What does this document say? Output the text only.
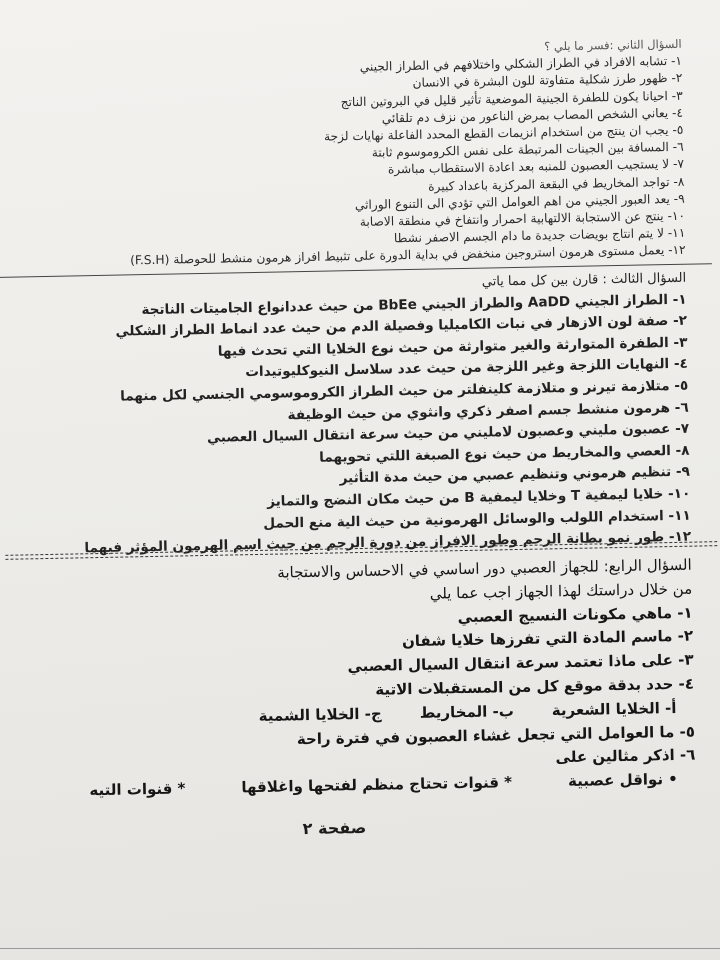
السؤال الثاني :فسر ما يلي ؟

١- تشابه الافراد في الطراز الشكلي واختلافهم في الطراز الجيني

٢- ظهور طرز شكلية متفاوتة للون البشرة في الانسان

٣- احيانا يكون للطفرة الجينية الموضعية تأثير قليل في البروتين الناتج

٤- يعاني الشخص المصاب بمرض الناعور من نزف دم تلقائي

٥- يجب ان ينتج من استخدام انزيمات القطع المحدد الفاعلة نهايات لزجة

٦- المسافة بين الجينات المرتبطة على نفس الكروموسوم ثابتة

٧- لا يستجيب العصبون للمنبه بعد اعادة الاستقطاب مباشرة

٨- تواجد المخاريط في البقعة المركزية باعداد كبيرة

٩- يعد العبور الجيني من اهم العوامل التي تؤدي الى التنوع الوراثي

١٠- ينتج عن الاستجابة الالتهابية احمرار وانتفاخ في منطقة الاصابة

١١- لا يتم انتاج بويضات جديدة ما دام الجسم الاصفر نشطا

١٢- يعمل مستوى هرمون استروجين منخفض في بداية الدورة على تثبيط افراز هرمون منشط للحوصلة (F.S.H)

السؤال الثالث : قارن بين كل مما ياتي

١- الطراز الجيني AaDD والطراز الجيني BbEe من حيث عددانواع الجاميتات الناتجة

٢- صفة لون الازهار في نبات الكاميليا وفصيلة الدم من حيث عدد انماط الطراز الشكلي

٣- الطفرة المتوارثة والغير متوارثة من حيث نوع الخلايا التي تحدث فيها

٤- النهايات اللزجة وغير اللزجة من حيث عدد سلاسل النيوكليوتيدات

٥- متلازمة تيرنر و متلازمة كلينفلتر من حيث الطراز الكروموسومي الجنسي لكل منهما

٦- هرمون منشط جسم اصفر ذكري وانثوي من حيث الوظيفة

٧- عصبون مليني وعصبون لامليني من حيث سرعة انتقال السيال العصبي

٨- العصي والمخاريط من حيث نوع الصبغة اللتي تحويهما

٩- تنظيم هرموني وتنظيم عصبي من حيث مدة التأثير

١٠- خلايا ليمفية T وخلايا ليمفية B من حيث مكان النضج والتمايز

١١- استخدام اللولب والوسائل الهرمونية من حيث الية منع الحمل

١٢- طور نمو بطانة الرحم وطور الافراز من دورة الرحم من حيث اسم الهرمون المؤثر فيهما

السؤال الرابع: للجهاز العصبي دور اساسي في الاحساس والاستجابة

من خلال دراستك لهذا الجهاز اجب عما يلي

١- ماهي مكونات النسيج العصبي

٢- ماسم المادة التي تفرزها خلايا شفان

٣- على ماذا تعتمد سرعة انتقال السيال العصبي

٤- حدد بدقة موقع كل من المستقبلات الاتية

أ- الخلايا الشعرية
ب- المخاريط
ج- الخلايا الشمية

٥- ما العوامل التي تجعل غشاء العصبون في فترة راحة

٦- اذكر مثالين على

• نواقل عصبية
* قنوات تحتاج منظم لفتحها واغلاقها
* قنوات التيه
صفحة ٢
